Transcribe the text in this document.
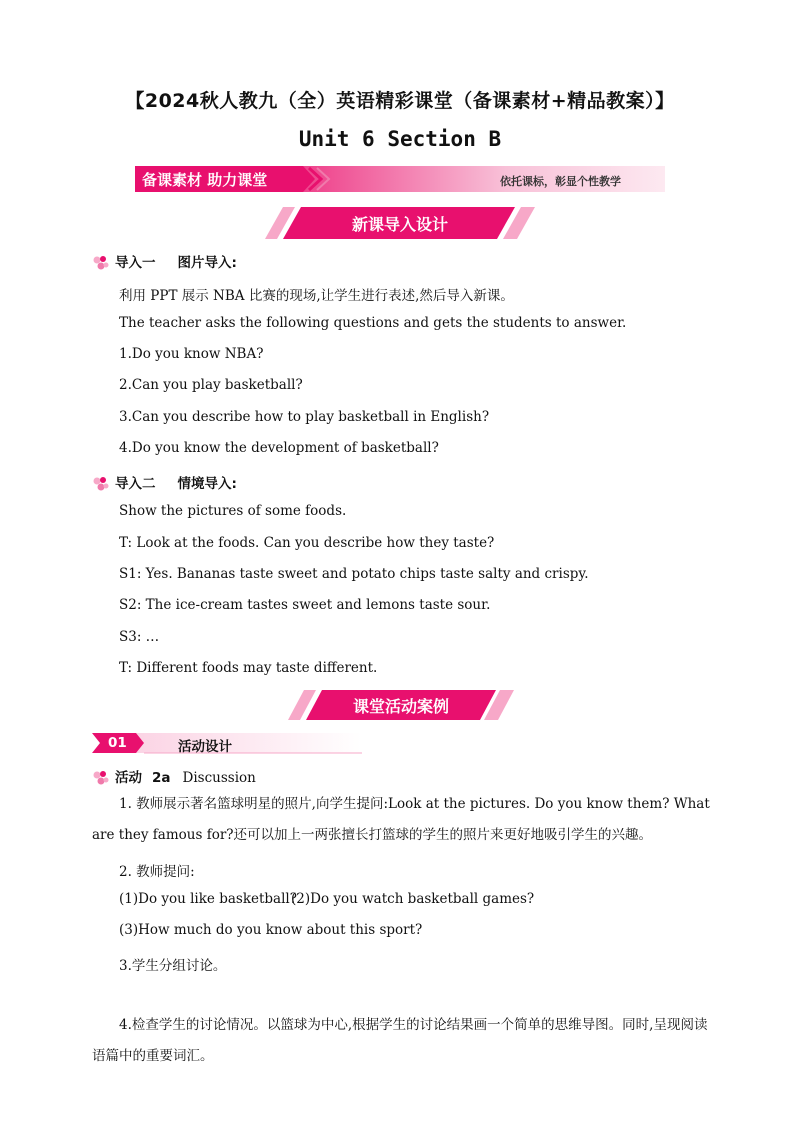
【2024秋人教九（全）英语精彩课堂（备课素材+精品教案）】
Unit 6 Section B
备课素材 助力课堂	依托课标，彰显个性教学
新课导入设计
导入一 图片导入:
利用 PPT 展示 NBA 比赛的现场,让学生进行表述,然后导入新课。
The teacher asks the following questions and gets the students to answer.
1.Do you know NBA?
2.Can you play basketball?
3.Can you describe how to play basketball in English?
4.Do you know the development of basketball?
导入二 情境导入:
Show the pictures of some foods.
T: Look at the foods. Can you describe how they taste?
S1: Yes. Bananas taste sweet and potato chips taste salty and crispy.
S2: The ice-cream tastes sweet and lemons taste sour.
S3: …
T: Different foods may taste different.
课堂活动案例
01	活动设计
活动 2a Discussion
1. 教师展示著名篮球明星的照片,向学生提问:Look at the pictures. Do you know them? What are they famous for?还可以加上一两张擅长打篮球的学生的照片来更好地吸引学生的兴趣。
2. 教师提问:
(1)Do you like basketball?
(2)Do you watch basketball games?
(3)How much do you know about this sport?
3.学生分组讨论。
4.检查学生的讨论情况。以篮球为中心,根据学生的讨论结果画一个简单的思维导图。同时,呈现阅读语篇中的重要词汇。
